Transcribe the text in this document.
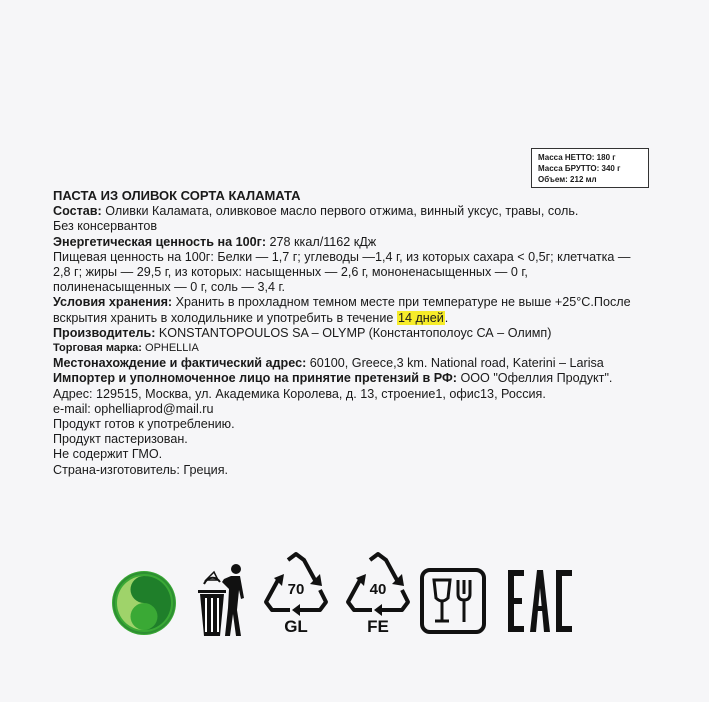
Масса НЕТТО: 180 г
Масса БРУТТО: 340 г
Объем: 212 мл

ПАСТА ИЗ ОЛИВОК СОРТА КАЛАМАТА

Состав: Оливки Каламата, оливковое масло первого отжима, винный уксус, травы, соль.

Без консервантов

Энергетическая ценность на 100г: 278 ккал/1162 кДж

Пищевая ценность на 100г: Белки — 1,7 г; углеводы —1,4 г, из которых сахара < 0,5г; клетчатка —

2,8 г; жиры — 29,5 г, из которых: насыщенных — 2,6 г, мононенасыщенных — 0 г,

полиненасыщенных — 0 г, соль — 3,4 г.

Условия хранения: Хранить в прохладном темном месте при температуре не выше +25°С.После

вскрытия хранить в холодильнике и употребить в течение 14 дней.

Производитель: KONSTANTOPOULOS SA – OLYMP (Константополоус СА – Олимп)

Торговая марка: OPHELLIA

Местонахождение и фактический адрес: 60100, Greece,3 km. National road, Katerini – Larisa

Импортер и уполномоченное лицо на принятие претензий в РФ: ООО "Офеллия Продукт".

Адрес: 129515, Москва, ул. Академика Королева, д. 13, строение1, офис13, Россия.

e-mail: ophelliaprod@mail.ru

Продукт готов к употреблению.

Продукт пастеризован.

Не содержит ГМО.

Страна-изготовитель: Греция.

70
GL
40
FE
